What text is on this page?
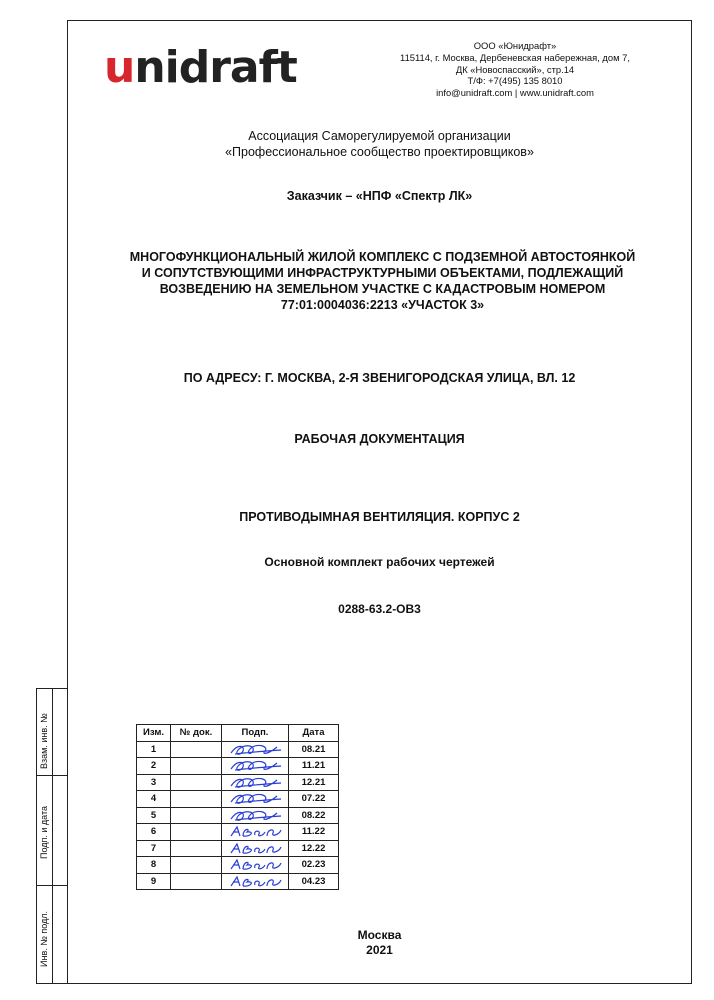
Взам. инв. №
Подп. и дата
Инв. № подл.
unidraft	ООО «Юнидрафт»
115114, г. Москва, Дербеневская набережная, дом 7,
ДК «Новоспасский», стр.14
Т/Ф: +7(495) 135 8010
info@unidraft.com | www.unidraft.com
Ассоциация Саморегулируемой организации
«Профессиональное сообщество проектировщиков»
Заказчик – «НПФ «Спектр ЛК»
МНОГОФУНКЦИОНАЛЬНЫЙ ЖИЛОЙ КОМПЛЕКС С ПОДЗЕМНОЙ АВТОСТОЯНКОЙ
И СОПУТСТВУЮЩИМИ ИНФРАСТРУКТУРНЫМИ ОБЪЕКТАМИ, ПОДЛЕЖАЩИЙ
ВОЗВЕДЕНИЮ НА ЗЕМЕЛЬНОМ УЧАСТКЕ С КАДАСТРОВЫМ НОМЕРОМ
77:01:0004036:2213 «УЧАСТОК 3»
ПО АДРЕСУ: Г. МОСКВА, 2-Я ЗВЕНИГОРОДСКАЯ УЛИЦА, ВЛ. 12
РАБОЧАЯ ДОКУМЕНТАЦИЯ
ПРОТИВОДЫМНАЯ ВЕНТИЛЯЦИЯ. КОРПУС 2
Основной комплект рабочих чертежей
0288-63.2-ОВ3
Изм.	№ док.	Подп.	Дата
1			08.21
2			11.21
3			12.21
4			07.22
5			08.22
6			11.22
7			12.22
8			02.23
9			04.23
Москва
2021
